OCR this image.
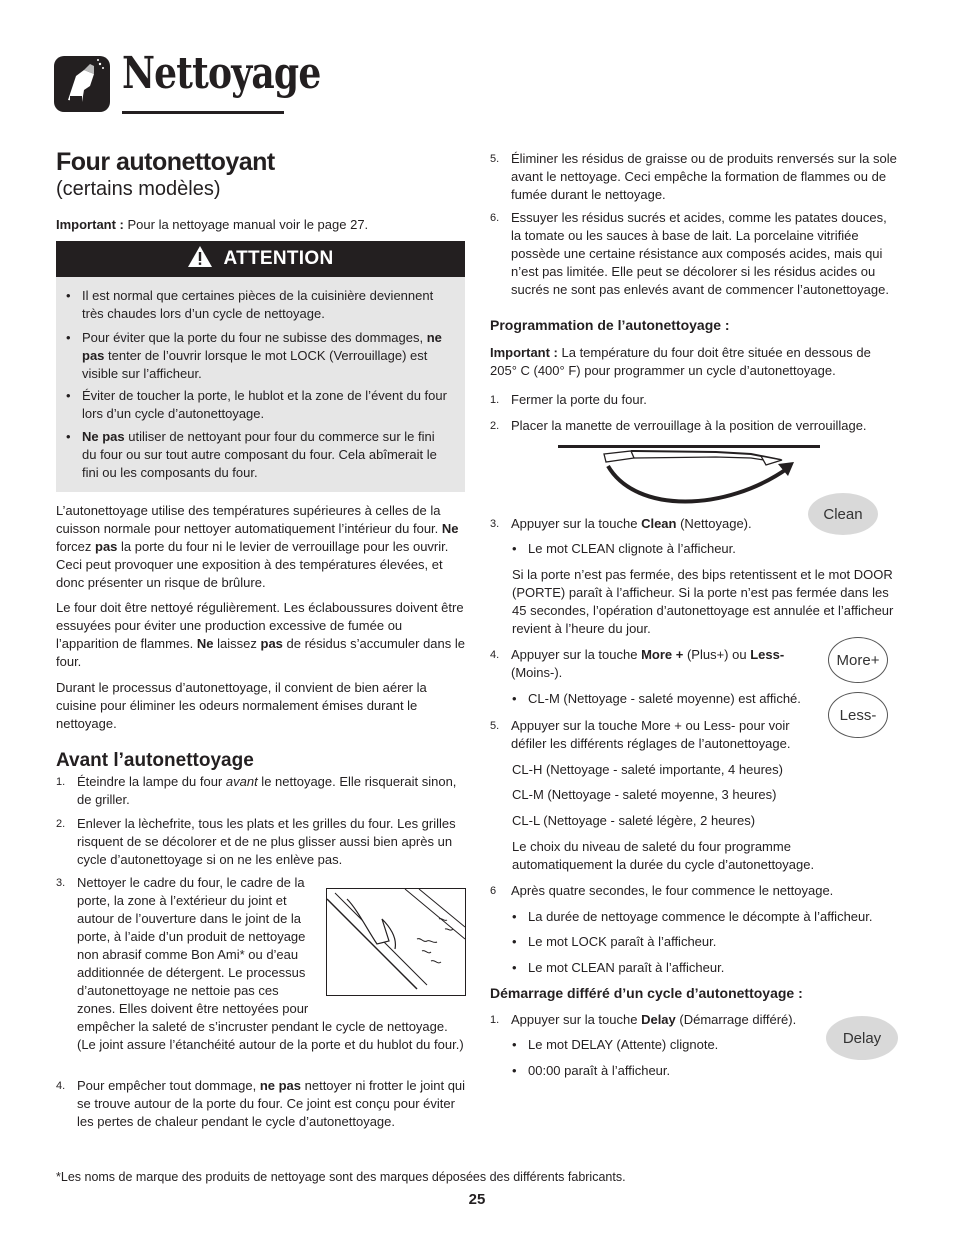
Nettoyage
Four autonettoyant
(certains modèles)

Important : Pour la nettoyage manual voir le page 27.

ATTENTION
• Il est normal que certaines pièces de la cuisinière deviennent très chaudes lors d’un cycle de nettoyage.
• Pour éviter que la porte du four ne subisse des dommages, ne pas tenter de l’ouvrir lorsque le mot LOCK (Verrouillage) est visible sur l’afficheur.
• Éviter de toucher la porte, le hublot et la zone de l’évent du four lors d’un cycle d’autonettoyage.
• Ne pas utiliser de nettoyant pour four du commerce sur le fini du four ou sur tout autre composant du four. Cela abîmerait le fini ou les composants du four.

L’autonettoyage utilise des températures supérieures à celles de la cuisson normale pour nettoyer automatiquement l’intérieur du four. Ne forcez pas la porte du four ni le levier de verrouillage pour les ouvrir. Ceci peut provoquer une exposition à des températures élevées, et donc présenter un risque de brûlure.

Le four doit être nettoyé régulièrement. Les éclaboussures doivent être essuyées pour éviter une production excessive de fumée ou l’apparition de flammes. Ne laissez pas de résidus s’accumuler dans le four.

Durant le processus d’autonettoyage, il convient de bien aérer la cuisine pour éliminer les odeurs normalement émises durant le nettoyage.

Avant l’autonettoyage
1. Éteindre la lampe du four avant le nettoyage. Elle risquerait sinon, de griller.
2. Enlever la lèchefrite, tous les plats et les grilles du four. Les grilles risquent de se décolorer et de ne plus glisser aussi bien après un cycle d’autonettoyage si on ne les enlève pas.
3. Nettoyer le cadre du four, le cadre de la porte, la zone à l’extérieur du joint et autour de l’ouverture dans le joint de la porte, à l’aide d’un produit de nettoyage non abrasif comme Bon Ami* ou d’eau additionnée de détergent. Le processus d’autonettoyage ne nettoie pas ces zones. Elles doivent être nettoyées pour

empêcher la saleté de s’incruster pendant le cycle de nettoyage. (Le joint assure l’étanchéité autour de la porte et du hublot du four.)

4. Pour empêcher tout dommage, ne pas nettoyer ni frotter le joint qui se trouve autour de la porte du four. Ce joint est conçu pour éviter les pertes de chaleur pendant le cycle d’autonettoyage.
5. Éliminer les résidus de graisse ou de produits renversés sur la sole avant le nettoyage. Ceci empêche la formation de flammes ou de fumée durant le nettoyage.
6. Essuyer les résidus sucrés et acides, comme les patates douces, la tomate ou les sauces à base de lait. La porcelaine vitrifiée possède une certaine résistance aux composés acides, mais qui n’est pas limitée. Elle peut se décolorer si les résidus acides ou sucrés ne sont pas enlevés avant de commencer l’autonettoyage.
Programmation de l’autonettoyage :

Important : La température du four doit être située en dessous de 205° C (400° F) pour programmer un cycle d’autonettoyage.

1. Fermer la porte du four.
2. Placer la manette de verrouillage à la position de verrouillage.
Clean
3. Appuyer sur la touche Clean (Nettoyage).
• Le mot CLEAN clignote à l’afficheur.

Si la porte n’est pas fermée, des bips retentissent et le mot DOOR (PORTE) paraît à l’afficheur. Si la porte n’est pas fermée dans les 45 secondes, l’opération d’autonettoyage est annulée et l’afficheur revient à l’heure du jour.

More+
Less-
4. Appuyer sur la touche More + (Plus+) ou Less- (Moins-).
• CL-M (Nettoyage - saleté moyenne) est affiché.
5. Appuyer sur la touche More + ou Less- pour voir défiler les différents réglages de l’autonettoyage.

CL-H (Nettoyage - saleté importante, 4 heures)

CL-M (Nettoyage - saleté moyenne, 3 heures)

CL-L (Nettoyage - saleté légère, 2 heures)

Le choix du niveau de saleté du four programme automatiquement la durée du cycle d’autonettoyage.

6 Après quatre secondes, le four commence le nettoyage.
• La durée de nettoyage commence le décompte à l’afficheur.
• Le mot LOCK paraît à l’afficheur.
• Le mot CLEAN paraît à l’afficheur.
Démarrage différé d’un cycle d’autonettoyage :
1. Appuyer sur la touche Delay (Démarrage différé).
• Le mot DELAY (Attente) clignote.
• 00:00 paraît à l’afficheur.
Delay

*Les noms de marque des produits de nettoyage sont des marques déposées des différents fabricants.

25
